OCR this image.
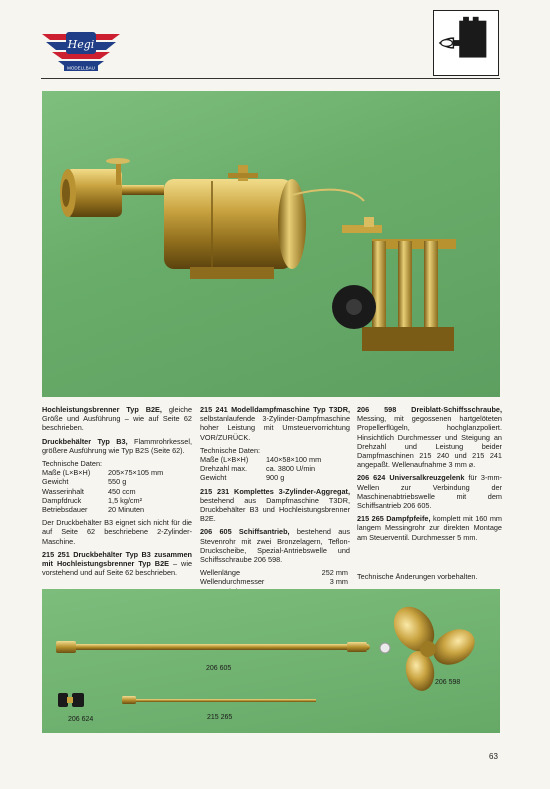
Hegi
MODELLBAU

Hochleistungsbrenner Typ B2E, gleiche Größe und Ausführung – wie auf Seite 62 beschrieben.

Druckbehälter Typ B3, Flammrohrkessel, größere Ausführung wie Typ B2S (Seite 62).

Technische Daten:
Maße (L×B×H)	205×75×105 mm
Gewicht	550 g
Wasserinhalt	450 ccm
Dampfdruck	1,5 kg/cm²
Betriebsdauer	20 Minuten

Der Druckbehälter B3 eignet sich nicht für die auf Seite 62 beschriebene 2-Zylinder-Maschine.

215 251 Druckbehälter Typ B3 zusammen mit Hochleistungsbrenner Typ B2E – wie vorstehend und auf Seite 62 beschrieben.

215 241 Modelldampfmaschine Typ T3DR, selbstanlaufende 3-Zylinder-Dampfmaschine hoher Leistung mit Umsteuervorrichtung VOR/ZURÜCK.

Technische Daten:
Maße (L×B×H)	140×58×100 mm
Drehzahl max.	ca. 3800 U/min
Gewicht	900 g

215 231 Komplettes 3-Zylinder-Aggregat, bestehend aus Dampfmaschine T3DR, Druckbehälter B3 und Hochleistungsbrenner B2E.

206 605 Schiffsantrieb, bestehend aus Stevenrohr mit zwei Bronzelagern, Teflon-Druckscheibe, Spezial-Antriebswelle und Schiffsschraube 206 598.

Wellenlänge	252 mm
Wellendurchmesser	3 mm

206 598 Dreiblatt-Schiffsschraube, Messing, mit gegossenen hartgelöteten Propellerflügeln, hochglanzpoliert. Hinsichtlich Durchmesser und Steigung an Drehzahl und Leistung beider Dampfmaschinen 215 240 und 215 241 angepaßt. Wellenaufnahme 3 mm ⌀.

206 624 Universalkreuzgelenk für 3-mm-Wellen zur Verbindung der Maschinenabtriebswelle mit dem Schiffsantrieb 206 605.

215 265 Dampfpfeife, komplett mit 160 mm langem Messingrohr zur direkten Montage am Steuerventil. Durchmesser 5 mm.

Technische Änderungen vorbehalten.
206 605
206 598
206 624	215 265
63
